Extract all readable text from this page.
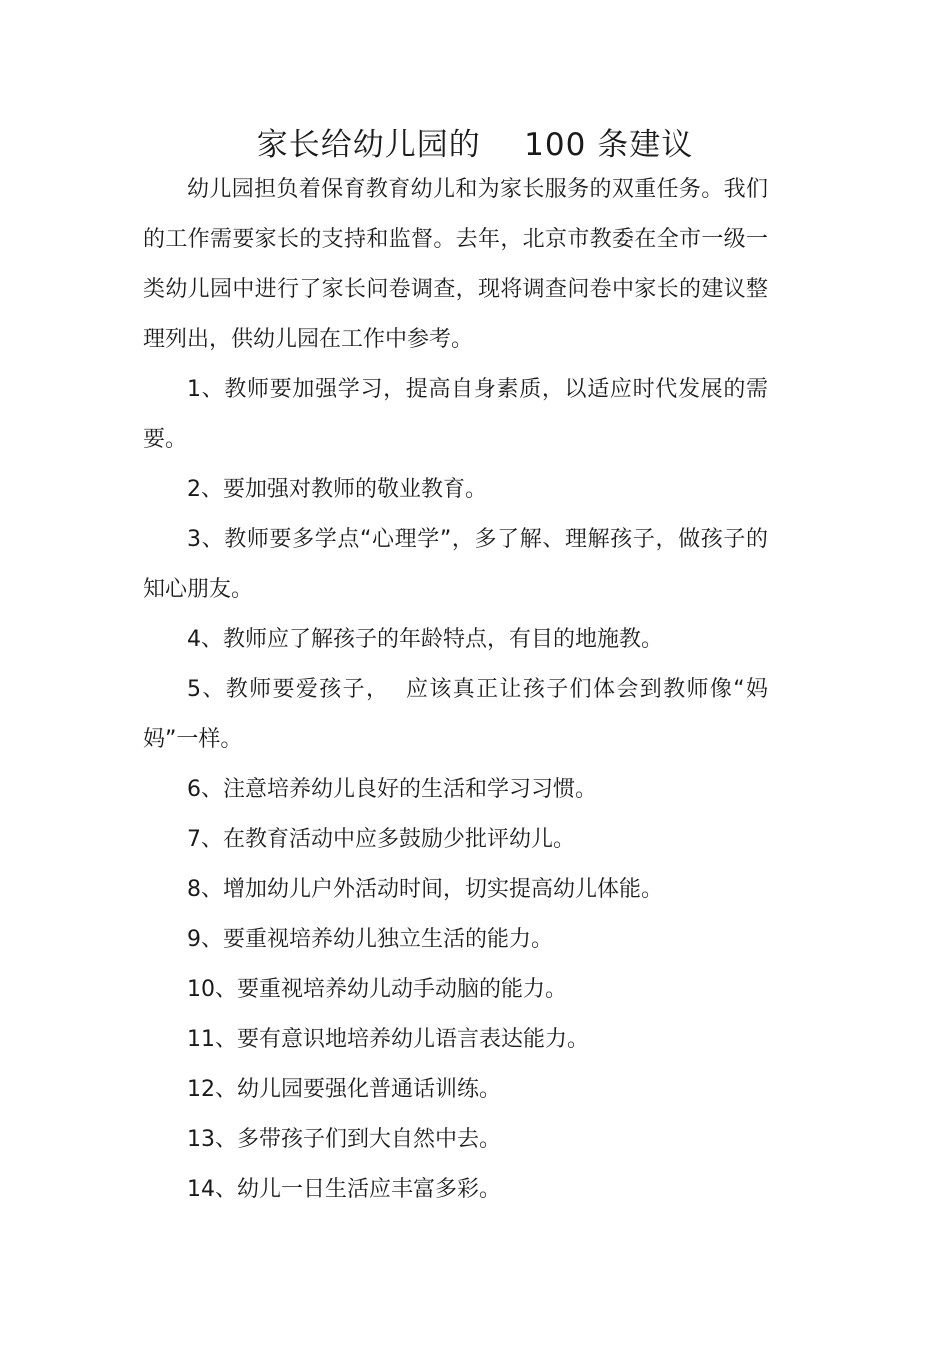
家长给幼儿园的    100 条建议

幼儿园担负着保育教育幼儿和为家长服务的双重任务。我们的工作需要家长的支持和监督。去年，北京市教委在全市一级一类幼儿园中进行了家长问卷调查，现将调查问卷中家长的建议整理列出，供幼儿园在工作中参考。

1、教师要加强学习，提高自身素质，以适应时代发展的需要。

2、要加强对教师的敬业教育。

3、教师要多学点“心理学”，多了解、理解孩子，做孩子的知心朋友。

4、教师应了解孩子的年龄特点，有目的地施教。

5、教师要爱孩子，  应该真正让孩子们体会到教师像“妈妈”一样。

6、注意培养幼儿良好的生活和学习习惯。

7、在教育活动中应多鼓励少批评幼儿。

8、增加幼儿户外活动时间，切实提高幼儿体能。

9、要重视培养幼儿独立生活的能力。

10、要重视培养幼儿动手动脑的能力。

11、要有意识地培养幼儿语言表达能力。

12、幼儿园要强化普通话训练。

13、多带孩子们到大自然中去。

14、幼儿一日生活应丰富多彩。
